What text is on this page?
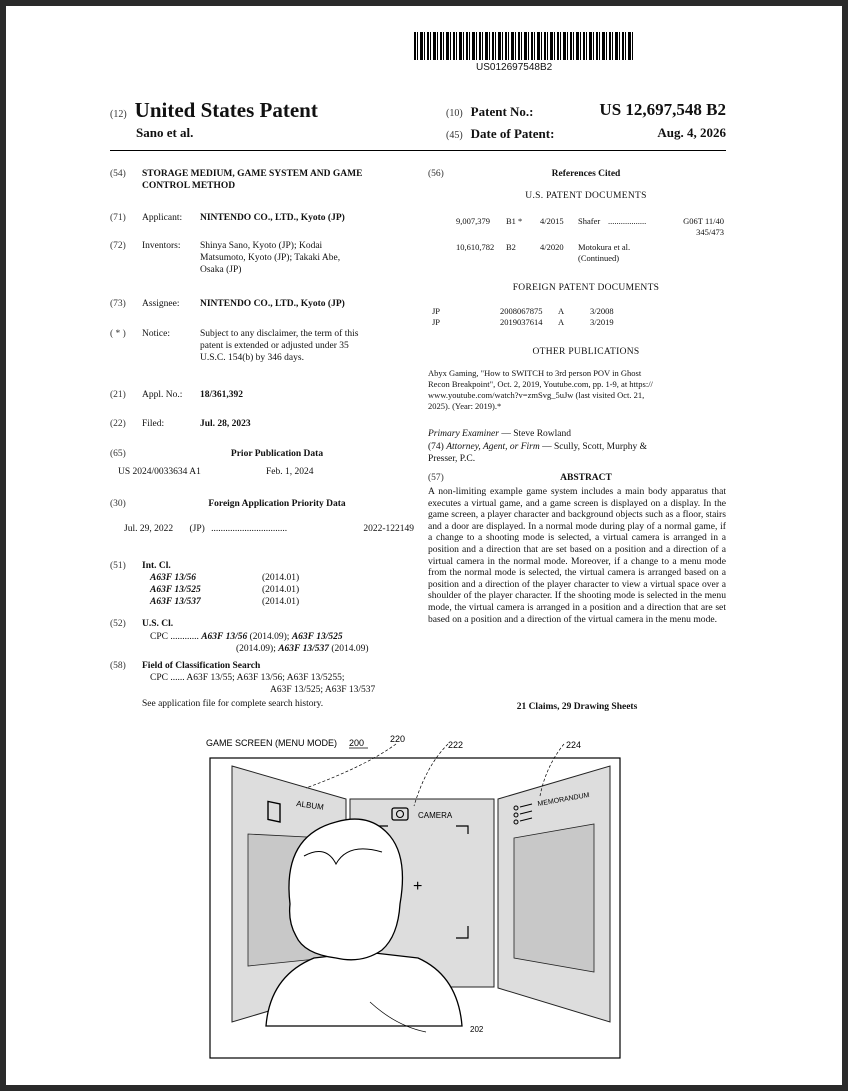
US012697548B2
(12) United States Patent
Sano et al.
(10) Patent No.:	US 12,697,548 B2
(45) Date of Patent:	Aug. 4, 2026
(54) STORAGE MEDIUM, GAME SYSTEM AND GAME CONTROL METHOD
(71) Applicant: NINTENDO CO., LTD., Kyoto (JP)
(72) Inventors: Shinya Sano, Kyoto (JP); Kodai
Matsumoto, Kyoto (JP); Takaki Abe,
Osaka (JP)
(73) Assignee: NINTENDO CO., LTD., Kyoto (JP)
( * ) Notice:	Subject to any disclaimer, the term of this
patent is extended or adjusted under 35
U.S.C. 154(b) by 346 days.
(21) Appl. No.: 18/361,392
(22) Filed:	Jul. 28, 2023
(65)	Prior Publication Data
US 2024/0033634 A1	Feb. 1, 2024
(30)	Foreign Application Priority Data
Jul. 29, 2022 (JP) ................................	2022-122149
(51) Int. Cl.
A63F 13/56	(2014.01)
A63F 13/525	(2014.01)
A63F 13/537	(2014.01)
(52) U.S. Cl.
CPC ............ A63F 13/56 (2014.09); A63F 13/525
(2014.09); A63F 13/537 (2014.09)
(58) Field of Classification Search
CPC ...... A63F 13/55; A63F 13/56; A63F 13/5255;
A63F 13/525; A63F 13/537
See application file for complete search history.
(56)	References Cited
U.S. PATENT DOCUMENTS
9,007,379 B1 * 4/2015 Shafer ..................	G06T 11/40
345/473
10,610,782 B2	4/2020 Motokura et al.
(Continued)
FOREIGN PATENT DOCUMENTS
JP	2008067875 A	3/2008
JP	2019037614 A	3/2019
OTHER PUBLICATIONS
Abyx Gaming, "How to SWITCH to 3rd person POV in Ghost
Recon Breakpoint", Oct. 2, 2019, Youtube.com, pp. 1-9, at https://
www.youtube.com/watch?v=zmSvg_5uJw (last visited Oct. 21,
2025). (Year: 2019).*
Primary Examiner — Steve Rowland
(74) Attorney, Agent, or Firm — Scully, Scott, Murphy &
Presser, P.C.
(57)	ABSTRACT
A non-limiting example game system includes a main body apparatus that executes a virtual game, and a game screen is displayed on a display. In the game screen, a player character and background objects such as a floor, stairs and a door are displayed. In a normal mode during play of a normal game, if a change to a shooting mode is selected, a virtual camera is arranged in a position and a direction that are set based on a position and a direction of a virtual camera in the normal mode. Moreover, if a change to a menu mode from the normal mode is selected, the virtual camera is arranged based on a position and a direction of the player character to view a virtual space over a shoulder of the player character. If the shooting mode is selected in the menu mode, the virtual camera is arranged in a position and a direction that are set based on a position and a direction of the virtual camera in the menu mode.
21 Claims, 29 Drawing Sheets
GAME SCREEN (MENU MODE) 200	220
222	224
ALBUM
CAMERA
+
MEMORANDUM
202
